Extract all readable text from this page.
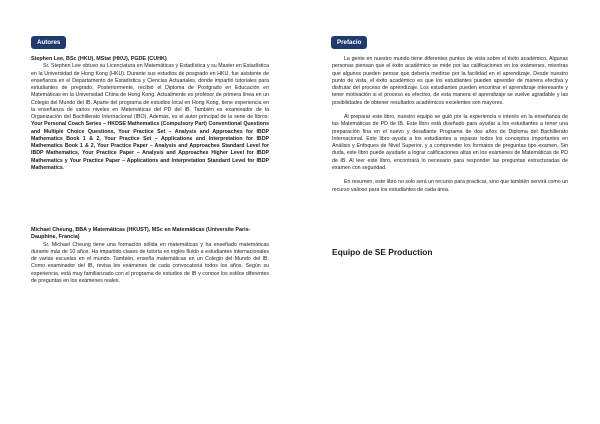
Autores
Stephen Lee, BSc (HKU), MStat (HKU), PGDE (CUHK)

Sr. Stephen Lee obtuvo su Licenciatura en Matemáticas y Estadística y su Master en Estadística en la Universidad de Hong Kong (HKU). Durante sus estudios de posgrado en HKU, fue asistente de enseñanza en el Departamento de Estadística y Ciencias Actuariales, donde impartió tutoriales para estudiantes de pregrado. Posteriormente, recibió el Diploma de Postgrado en Educación en Matemáticas en la Universidad China de Hong Kong. Actualmente es profesor de primera línea en un Colegio del Mundo del IB. Aparte del programa de estudios local en Hong Kong, tiene experiencia en la enseñanza de varios niveles en Matemáticas del PD del IB. También es examinador de la Organización del Bachillerato Internacional (IBO). Además, es el autor principal de la serie de libros: Your Personal Coach Series – HKDSE Mathematics (Compulsory Part) Conventional Questions and Multiple Choice Questions, Your Practice Set – Analysis and Approaches for IBDP Mathematics Book 1 & 2, Your Practice Set – Applications and Interpretation for IBDP Mathematics Book 1 & 2, Your Practice Paper – Analysis and Approaches Standard Level for IBDP Mathematics, Your Practice Paper – Analysis and Approaches Higher Level for IBDP Mathematics y Your Practice Paper – Applications and Interpretation Standard Level for IBDP Mathematics.

Michael Cheung, BBA y Matemáticas (HKUST), MSc en Matemáticas (Universite Paris-Dauphine, Francia)

Sr. Michael Cheung tiene una formación sólida en matemáticas y ha enseñado matemáticas durante más de 10 años. Ha impartido clases de tutoría en inglés fluido a estudiantes internacionales de varias escuelas en el mundo. También, enseña matemáticas en un Colegio del Mundo del IB. Como examinador del IB, revisa los exámenes de cada convocatoria todos los años. Según su experiencia, está muy familiarizado con el programa de estudios de IB y conoce los estilos diferentes de preguntas en los exámenes reales.

Prefacio

La gente en nuestro mundo tiene diferentes puntos de vista sobre el éxito académico. Algunas personas piensan que el éxito académico se mide por las calificaciones en los exámenes, mientras que algunos pueden pensar que debería medirse por la facilidad en el aprendizaje. Desde nuestro punto de vista, el éxito académico es que los estudiantes pueden aprender de manera efectiva y disfrutar del proceso de aprendizaje. Los estudiantes pueden encontrar el aprendizaje interesante y tener motivación si el proceso es efectivo, de esta manera el aprendizaje se vuelve agradable y las posibilidades de obtener resultados académicos excelentes son mayores.

Al preparar este libro, nuestro equipo se guió por la experiencia e interés en la enseñanza de las Matemáticas de PD de IB. Este libro está diseñado para ayudar a los estudiantes a tener una preparación fina en el nuevo y desafiante Programa de dos años de Diploma del Bachillerato Internacional. Este libro ayuda a los estudiantes a repasar todos los conceptos importantes en Análisis y Enfoques de Nivel Superior, y a comprender los formatos de preguntas tipo examen. Sin duda, este libro puede ayudarle a lograr calificaciones altas en los exámenes de Matemáticas de PD de IB. Al leer este libro, encontrará lo necesario para responder las preguntas estructuradas de examen con seguridad.

En resumen, este libro no solo será un recurso para practicar, sino que también servirá como un recurso valioso para los estudiantes de cada área.

Equipo de SE Production
